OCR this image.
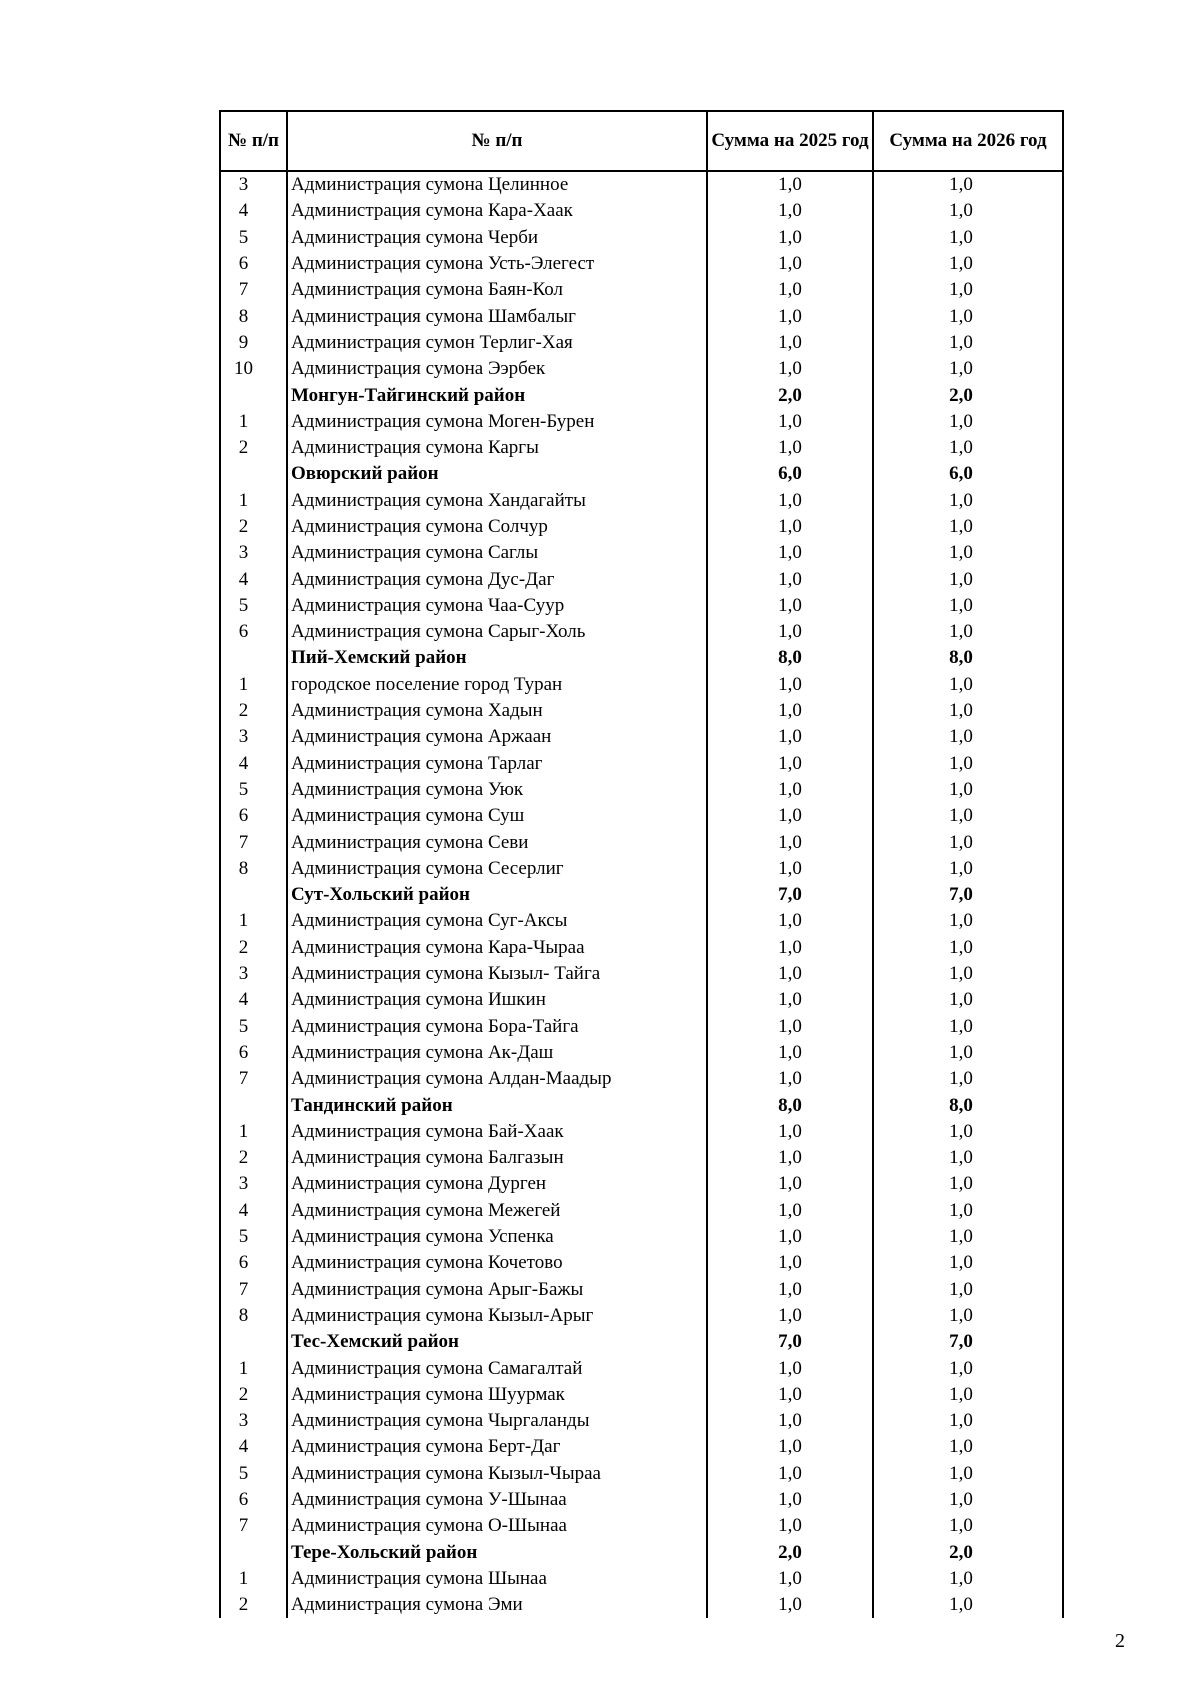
№ п/п	№ п/п	Сумма на 2025 год	Сумма на 2026 год
3	Администрация сумона Целинное	1,0	1,0
4	Администрация сумона Кара-Хаак	1,0	1,0
5	Администрация сумона Черби	1,0	1,0
6	Администрация сумона Усть-Элегест	1,0	1,0
7	Администрация сумона Баян-Кол	1,0	1,0
8	Администрация сумона Шамбалыг	1,0	1,0
9	Администрация сумон Терлиг-Хая	1,0	1,0
10	Администрация сумона Ээрбек	1,0	1,0
	Монгун-Тайгинский район	2,0	2,0
1	Администрация сумона Моген-Бурен	1,0	1,0
2	Администрация сумона Каргы	1,0	1,0
	Овюрский район	6,0	6,0
1	Администрация сумона Хандагайты	1,0	1,0
2	Администрация сумона Солчур	1,0	1,0
3	Администрация сумона Саглы	1,0	1,0
4	Администрация сумона Дус-Даг	1,0	1,0
5	Администрация сумона Чаа-Суур	1,0	1,0
6	Администрация сумона Сарыг-Холь	1,0	1,0
	Пий-Хемский район	8,0	8,0
1	городское поселение город Туран	1,0	1,0
2	Администрация сумона Хадын	1,0	1,0
3	Администрация сумона Аржаан	1,0	1,0
4	Администрация сумона Тарлаг	1,0	1,0
5	Администрация сумона Уюк	1,0	1,0
6	Администрация сумона Суш	1,0	1,0
7	Администрация сумона Севи	1,0	1,0
8	Администрация сумона Сесерлиг	1,0	1,0
	Сут-Хольский район	7,0	7,0
1	Администрация сумона Суг-Аксы	1,0	1,0
2	Администрация сумона Кара-Чыраа	1,0	1,0
3	Администрация сумона Кызыл- Тайга	1,0	1,0
4	Администрация сумона Ишкин	1,0	1,0
5	Администрация сумона Бора-Тайга	1,0	1,0
6	Администрация сумона Ак-Даш	1,0	1,0
7	Администрация сумона Алдан-Маадыр	1,0	1,0
	Тандинский район	8,0	8,0
1	Администрация сумона Бай-Хаак	1,0	1,0
2	Администрация сумона Балгазын	1,0	1,0
3	Администрация сумона Дурген	1,0	1,0
4	Администрация сумона Межегей	1,0	1,0
5	Администрация сумона Успенка	1,0	1,0
6	Администрация сумона Кочетово	1,0	1,0
7	Администрация сумона Арыг-Бажы	1,0	1,0
8	Администрация сумона Кызыл-Арыг	1,0	1,0
	Тес-Хемский район	7,0	7,0
1	Администрация сумона Самагалтай	1,0	1,0
2	Администрация сумона Шуурмак	1,0	1,0
3	Администрация сумона Чыргаланды	1,0	1,0
4	Администрация сумона Берт-Даг	1,0	1,0
5	Администрация сумона Кызыл-Чыраа	1,0	1,0
6	Администрация сумона У-Шынаа	1,0	1,0
7	Администрация сумона О-Шынаа	1,0	1,0
	Тере-Хольский район	2,0	2,0
1	Администрация сумона Шынаа	1,0	1,0
2	Администрация сумона Эми	1,0	1,0
2
